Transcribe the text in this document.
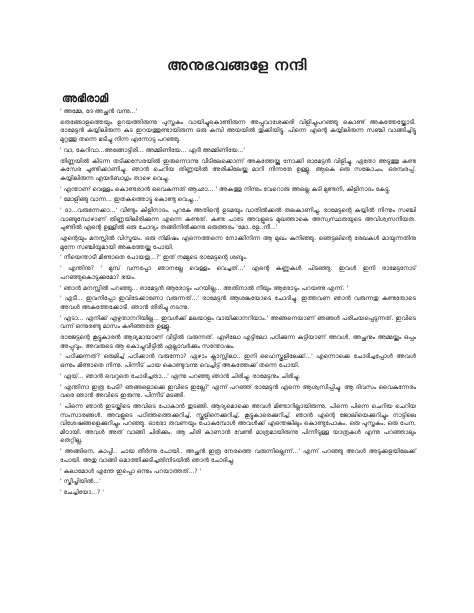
അനുഭവങ്ങളേ നന്ദി
അഭിരാമി

' അമ്മേ, ദേ അച്ഛൻ വന്നു...'

തെങ്ങോളത്തെയും ഉറയത്തിരുന്നു പുസ്തകം വായിച്ചുകൊണ്ടിരുന്ന അപ്പുവാശേക്കരി വിളിച്ചുപറഞ്ഞു കൊണ്ട് അകത്തേയ്ക്കോടി. രാമേട്ടൻ കയ്യിലിരുന്ന കുട ഇറയത്തുണ്ടായിരുന്ന ഒരു കമ്പി അയയിൽ തൂക്കിയിട്ടു. പിന്നെ എന്റെ കയ്യിലിരുന്ന സഞ്ചി വാങ്ങിച്ചിട്ടു മുറ്റത്തു തന്നെ മടിച്ചു നിന്ന എന്നോടു പറഞ്ഞു.

' വാ, കേറിവാ...അങ്ങോട്ടിരി... അമ്മിണിയേ... ഏദീ അമ്മിണിയേ...'

തിണ്ണയിൽ കിടന്ന തടിക്കസേരയിൽ ഇരുന്നൊന്നു വീടിലേക്കൊന്ന് അകത്തേയ്ക്കു നോക്കി രാമേട്ടൻ വിളിച്ചു. ഏതോ അടുത്തു കണ്ട കസേര ചൂണ്ടിക്കാണിച്ചു. ഞാൻ ചെറിയ തിണ്ണയിൽ അരികിലേയ്ക്കു മാറി നിന്നതേ ഉള്ളൂ. ആകെ ഒരു സങ്കോചം, ഒരമ്പരപ്പ്. കയ്യിലിരുന്ന എയർബാഗും താഴെ വെച്ചു.

' എന്താണ് വെള്ളം കൊണ്ടരാൻ വൈകുന്നത് ആഛാ... ' അകത്തു നിന്നും വേറൊരു അല്ലെ കുടി മുണ്ടനി, കിളിനാദം കേട്ടു.

' മോളിങ്ങു വാന്ന... ഇതകത്തൊട്ടു കൊണ്ടു വെച്ചു...'

' ദാ...വരുന്നേക്കാ...' വീണ്ടും കിളിനാദം. പുറകേ അതിന്റെ ഉടമയും വാതിൽക്കൽ തലകാണിച്ചു. രാമേട്ടന്റെ കയ്യിൽ നിന്നും സഞ്ചി വാങ്ങുമ്പോഴാണ് തിണ്ണയിലിരിക്കുന്ന എന്നെ കണ്ടത്. കണ്ട പാടേ അവളുടെ മുഖത്താകെ അസ്വസ്ഥതയുടെ അവിശ്വസനീയത. ചുണ്ടിൽ എന്റെ ഉള്ളിൽ ഒരു ചോദ്യം തങ്ങിനിൽക്കുന്നു ഒരുത്തരം 'മോ..ളേ..നീ...'

എന്റെയും മനസ്സിൽ വിസ്മയം. ഒരു നിമിഷം എന്നെത്തന്നെ നോക്കിനിന്ന ആ മുഖം കുനിഞ്ഞു. ഞെട്ടലിന്റെ രേഖകൾ മായുന്നതിനു മുന്നേ സഞ്ചിയുമായി അകത്തേയ്ക്കു പോയി.

' നീയെന്താടീ മിണ്ടാതെ പോയതു...?' ഇത് നമ്മുടെ രാമേട്ടന്റെ ശബ്ദം.

' എന്തിനു? ' മുമ്പ് വന്നപ്പോ ഞാനല്ലേ വെള്ളം വെച്ചത്...' എന്റെ കണ്ണുകൾ പിടഞ്ഞു. ഇവൾ ഇനി രാമേട്ടനോട് പറഞ്ഞുകൊടുക്കുമോ? ഭയം.

' ഞാൻ മനസ്സിൽ പറഞ്ഞു... രാമേട്ടൻ ആരോടും പറയില്ല... അതിനാൽ നീയും ആരോടും പറയണ്ട എന്ന്. '

' എടീ... ഇവനിപ്പോ ഇവിടേക്കാണോ വരുന്നത്...' രാമേട്ടൻ ആശങ്കയോടെ ചോദിച്ചു. ഇത്തവണ ഞാൻ വരുന്നതു കണ്ടതോടെ അവൾ അകത്തേക്കോടി. ഞാൻ തിരിച്ചു നടന്നു.

' എടാ... എനിക്ക് എഴുതാനറിയില്ല... ഇവൾക്ക് മലയാളം വായിക്കാനറിയാം.' അങ്ങനെയാണ് ഞങ്ങൾ പരിചയപ്പെടുന്നത്. ഇവിടെ വന്ന് ഒന്നുരണ്ടു മാസം കഴിഞ്ഞതേ ഉള്ളൂ.

രാജേട്ടന്റെ കൂട്ടുകാരൻ ആദ്യമായാണ് വീട്ടിൽ വരുന്നത്. ഏഴിലോ എട്ടിലോ പഠിക്കുന്ന കുട്ടിയാണ് അവൾ. അച്ഛനും അമ്മയ്ക്കും ഒപ്പം അപ്പുവും. അവരുടെ ആ കൊച്ചുവീട്ടിൽ എല്ലാവർക്കും സന്തോഷം.

' പഠിക്കുന്നത്? ഒരുമിച്ച് പഠിക്കാൻ വരുന്നോ? ഏഴാം ക്ലാസ്സിലാ.. ഇനി ഹൈസ്കൂളിലേക്ക്...' എന്നൊക്കെ ചോദിച്ചപ്പോൾ അവൾ ഒന്നും മിണ്ടാതെ നിന്നു. പിന്നീട് ചായ കൊണ്ടുവന്നു വെച്ചിട്ട് അകത്തേക്ക് തന്നെ പോയി.

' ഏയ്... ഞാൻ വെറുതെ ചോദിച്ചതാ...' എന്നു പറഞ്ഞു ഞാൻ ചിരിച്ചു. രാമേട്ടനും ചിരിച്ചു.

' എന്തിനാ ഇത്ര പേടി? ഞങ്ങളൊക്കെ ഇവിടെ ഇല്ലേ?' എന്ന് പറഞ്ഞ് രാമേട്ടൻ എന്നെ ആശ്വസിപ്പിച്ചു. ആ ദിവസം വൈകുന്നേരം വരെ ഞാൻ അവിടെ ഇരുന്നു. പിന്നീട് മടങ്ങി.

' പിന്നെ ഞാൻ ഇടയ്ക്കിടെ അവിടെ പോകാൻ തുടങ്ങി. ആദ്യമൊക്കെ അവൾ മിണ്ടാറില്ലായിരുന്നു. പിന്നെ പിന്നെ ചെറിയ ചെറിയ സംസാരങ്ങൾ. അവളുടെ പഠിത്തത്തെക്കുറിച്ച്, സ്കൂളിനെക്കുറിച്ച്, കൂട്ടുകാരെക്കുറിച്ച്. ഞാൻ എന്റെ ജോലിയെക്കുറിച്ചും നാട്ടിലെ വിശേഷങ്ങളെക്കുറിച്ചും പറഞ്ഞു. ഓരോ തവണയും പോകുമ്പോൾ അവൾക്ക് എന്തെങ്കിലും കൊണ്ടുപോകും. ഒരു പുസ്തകം, ഒരു പേന, മിഠായി. അവൾ അത് വാങ്ങി ചിരിക്കും. ആ ചിരി കാണാൻ വേണ്ടി മാത്രമായിരുന്നു പിന്നീടുള്ള യാത്രകൾ എന്നു പറഞ്ഞാലും തെറ്റില്ല.

' അങ്ങിനെ, കാപ്പി.. ചായ തീർന്നു പോയി.. അച്ഛൻ ഇത്ര നേരത്തെ വരുന്നില്ലെന്ന്...' എന്ന് പറഞ്ഞു അവൾ അടുക്കളയിലേക്ക് പോയി. അതു വാങ്ങി മൊത്തിക്കുടിച്ചതിനിടയിൽ ഞാൻ ചോദിച്ചു.

' കലാമോൾ എന്തേ ഇപ്പൊ ഒന്നും പറയാത്തത്...? '

' സ്കീപ്തിയിൽ...'

' ചേച്ചിയോ...? '
